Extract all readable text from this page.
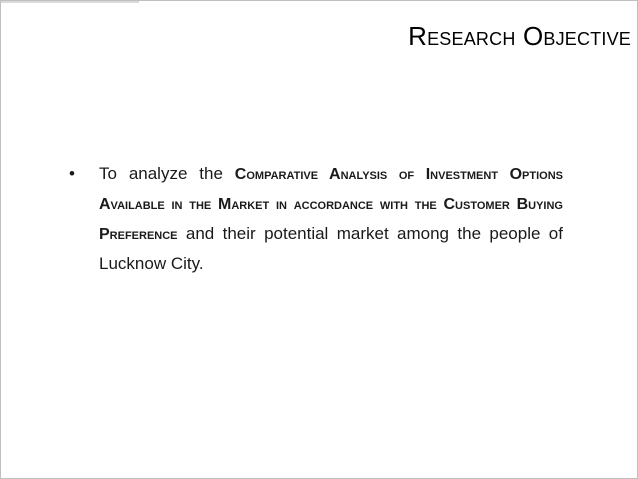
Research Objective
• To analyze the Comparative Analysis of Investment Options Available in the Market in accordance with the Customer Buying Preference and their potential market among the people of Lucknow City.
